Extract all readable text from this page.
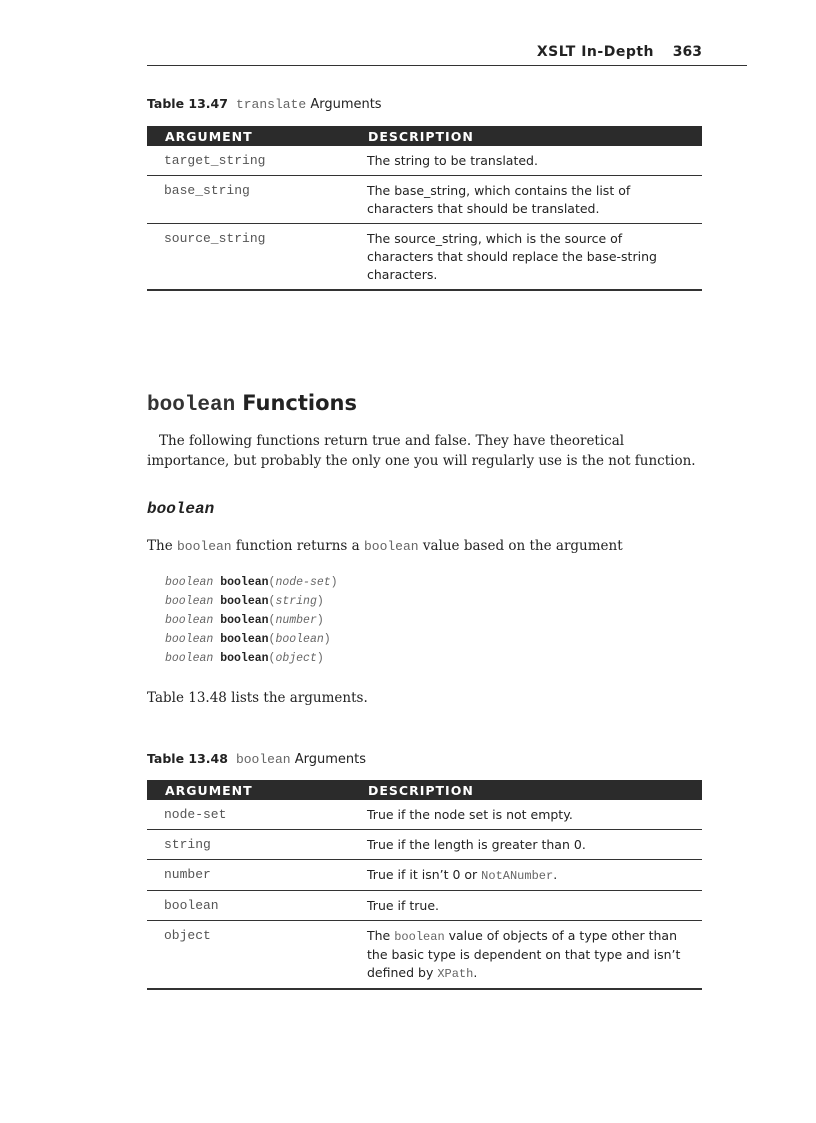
XSLT In-Depth 363
Table 13.47 translate Arguments
ARGUMENT	DESCRIPTION
target_string	The string to be translated.
base_string	The base_string, which contains the list of characters that should be translated.
source_string	The source_string, which is the source of characters that should replace the base-string characters.
boolean Functions
The following functions return true and false. They have theoretical importance, but probably the only one you will regularly use is the not function.
boolean
The boolean function returns a boolean value based on the argument
boolean boolean(node-set)
boolean boolean(string)
boolean boolean(number)
boolean boolean(boolean)
boolean boolean(object)
Table 13.48 lists the arguments.
Table 13.48 boolean Arguments
ARGUMENT	DESCRIPTION
node-set	True if the node set is not empty.
string	True if the length is greater than 0.
number	True if it isn’t 0 or NotANumber.
boolean	True if true.
object	The boolean value of objects of a type other than the basic type is dependent on that type and isn’t defined by XPath.
